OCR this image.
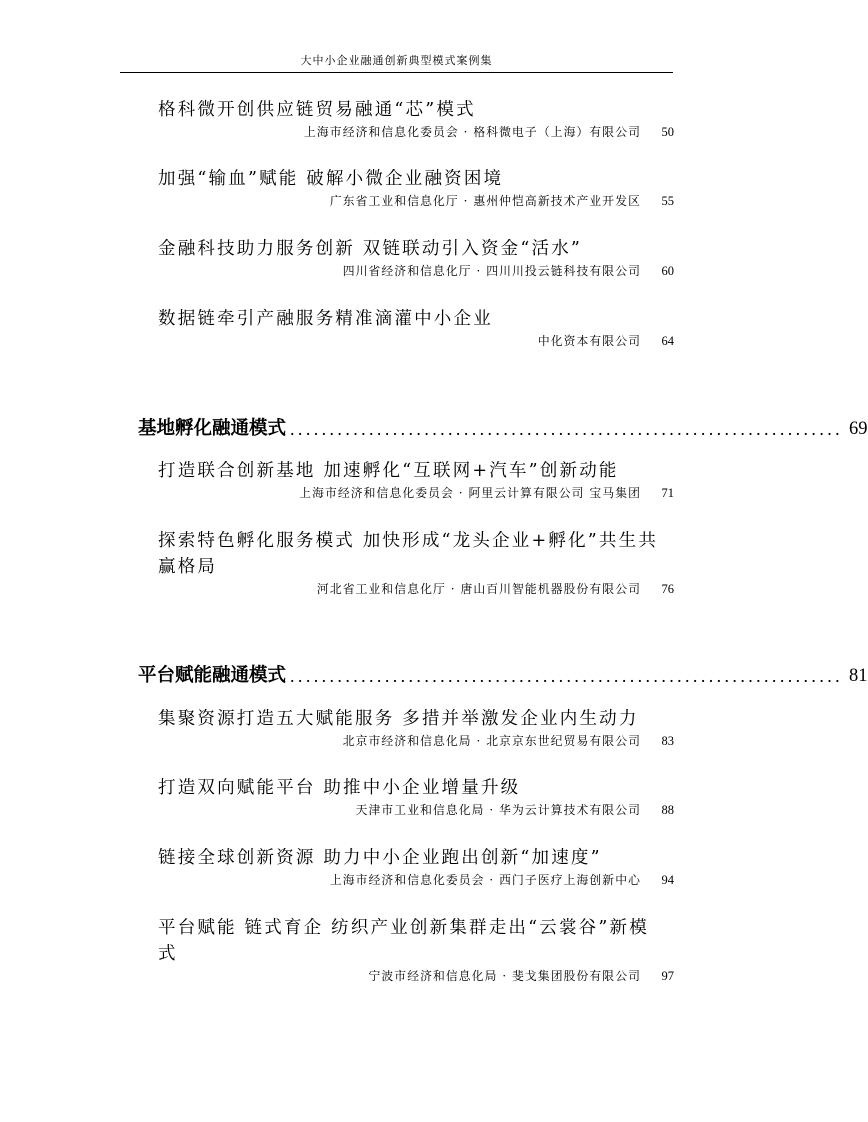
大中小企业融通创新典型模式案例集
格科微开创供应链贸易融通“芯”模式
上海市经济和信息化委员会 · 格科微电子（上海）有限公司 50
加强“输血”赋能 破解小微企业融资困境
广东省工业和信息化厅 · 惠州仲恺高新技术产业开发区 55
金融科技助力服务创新 双链联动引入资金“活水”
四川省经济和信息化厅 · 四川川投云链科技有限公司 60
数据链牵引产融服务精准滴灌中小企业
中化资本有限公司 64
基地孵化融通模式 ...................................................................... 69
打造联合创新基地 加速孵化“互联网+汽车”创新动能
上海市经济和信息化委员会 · 阿里云计算有限公司 宝马集团 71
探索特色孵化服务模式 加快形成“龙头企业+孵化”共生共
赢格局
河北省工业和信息化厅 · 唐山百川智能机器股份有限公司 76
平台赋能融通模式 ...................................................................... 81
集聚资源打造五大赋能服务 多措并举激发企业内生动力
北京市经济和信息化局 · 北京京东世纪贸易有限公司 83
打造双向赋能平台 助推中小企业增量升级
天津市工业和信息化局 · 华为云计算技术有限公司 88
链接全球创新资源 助力中小企业跑出创新“加速度”
上海市经济和信息化委员会 · 西门子医疗上海创新中心 94
平台赋能 链式育企 纺织产业创新集群走出“云裳谷”新模
式
宁波市经济和信息化局 · 斐戈集团股份有限公司 97
